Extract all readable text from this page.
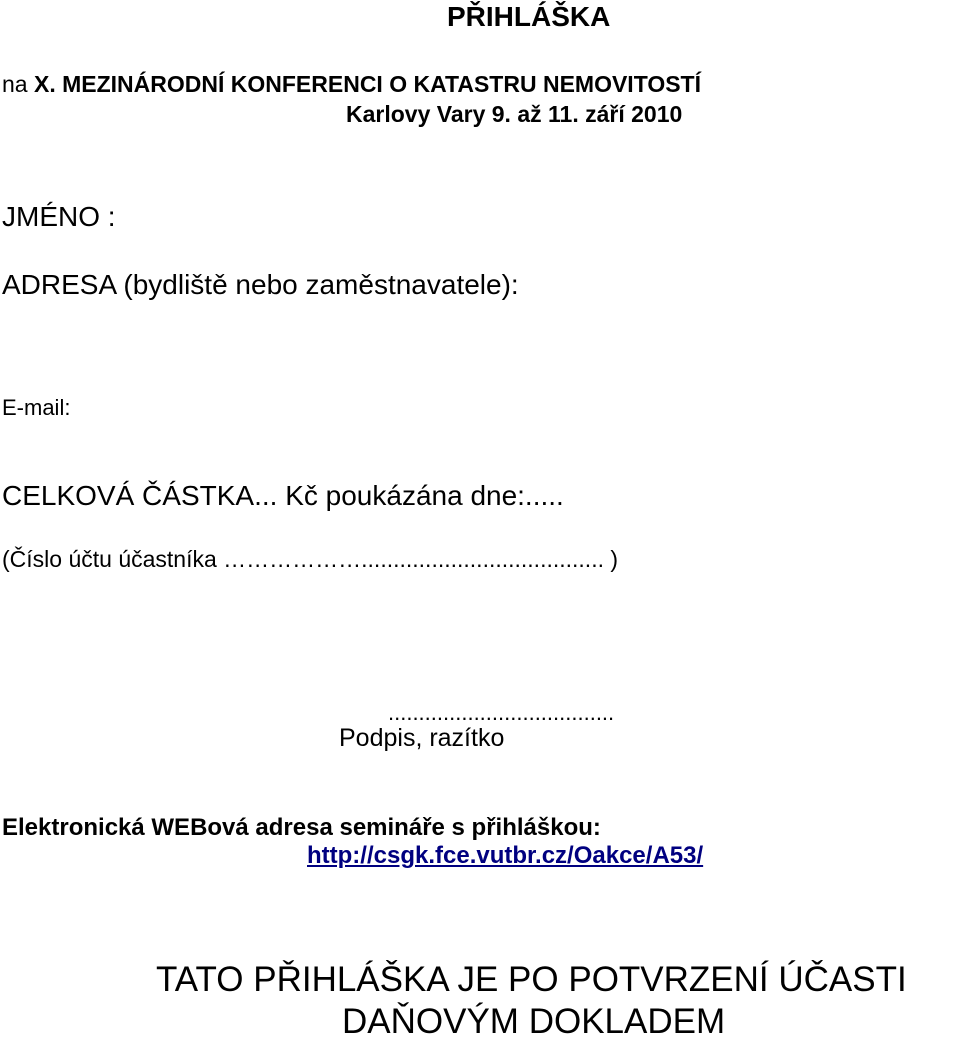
PŘIHLÁŠKA
na X. MEZINÁRODNÍ KONFERENCI O KATASTRU NEMOVITOSTÍ
Karlovy Vary 9. až 11. září 2010
JMÉNO :
ADRESA (bydliště nebo zaměstnavatele):
E-mail:
CELKOVÁ ČÁSTKA... Kč poukázána dne:.....
(Číslo účtu účastníka ………………...................................... )
.....................................
Podpis, razítko
Elektronická WEBová adresa semináře s přihláškou:
http://csgk.fce.vutbr.cz/Oakce/A53/
TATO PŘIHLÁŠKA JE PO POTVRZENÍ ÚČASTI
DAŇOVÝM DOKLADEM
